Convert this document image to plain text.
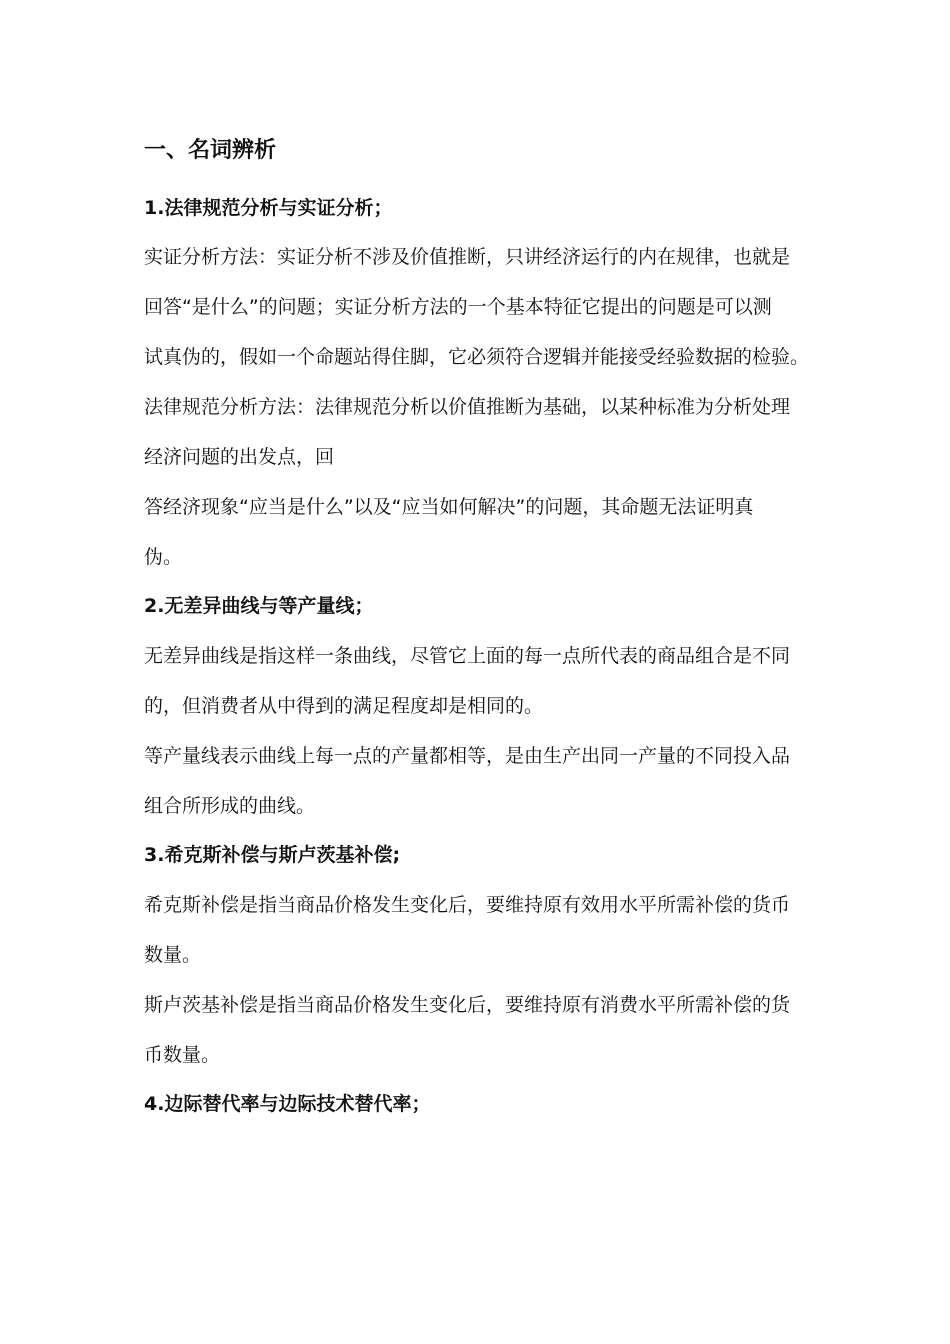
一、名词辨析
1.法律规范分析与实证分析；
实证分析方法：实证分析不涉及价值推断，只讲经济运行的内在规律，也就是
回答“是什么”的问题；实证分析方法的一个基本特征它提出的问题是可以测
试真伪的，假如一个命题站得住脚，它必须符合逻辑并能接受经验数据的检验。
法律规范分析方法：法律规范分析以价值推断为基础，以某种标准为分析处理
经济问题的出发点，回
答经济现象“应当是什么”以及“应当如何解决”的问题，其命题无法证明真
伪。
2.无差异曲线与等产量线；
无差异曲线是指这样一条曲线，尽管它上面的每一点所代表的商品组合是不同
的，但消费者从中得到的满足程度却是相同的。
等产量线表示曲线上每一点的产量都相等，是由生产出同一产量的不同投入品
组合所形成的曲线。
3.希克斯补偿与斯卢茨基补偿;
希克斯补偿是指当商品价格发生变化后，要维持原有效用水平所需补偿的货币
数量。
斯卢茨基补偿是指当商品价格发生变化后，要维持原有消费水平所需补偿的货
币数量。
4.边际替代率与边际技术替代率；
